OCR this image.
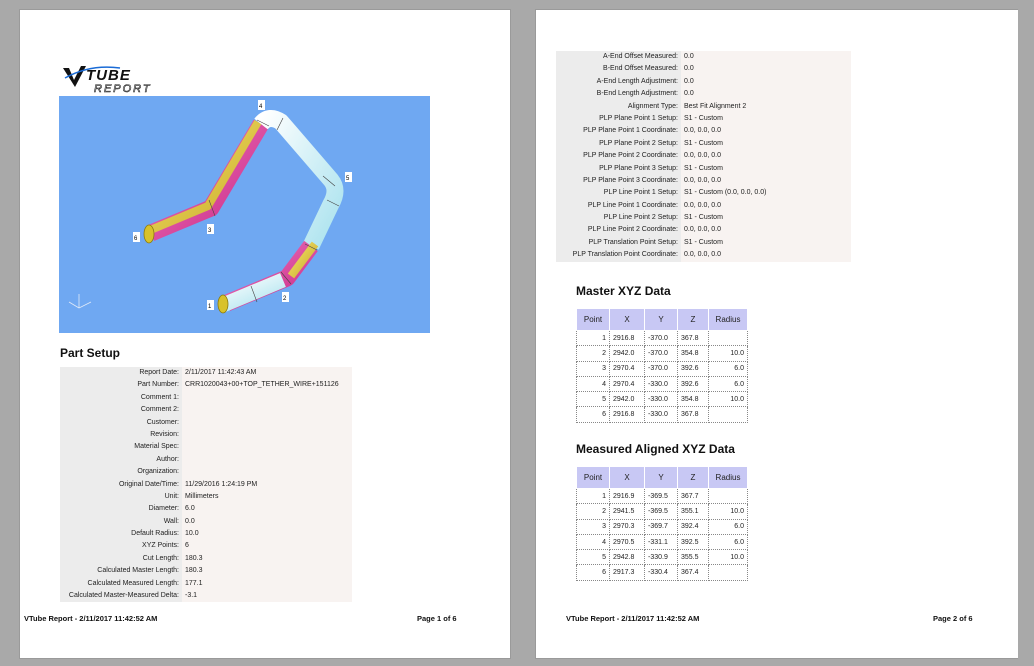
TUBE
REPORT
1
2
3
4
5
6
Part Setup
Report Date: 2/11/2017 11:42:43 AM
Part Number: CRR1020043+00+TOP_TETHER_WIRE+151126
Comment 1:
Comment 2:
Customer:
Revision:
Material Spec:
Author:
Organization:
Original Date/Time: 11/29/2016 1:24:19 PM
Unit: Millimeters
Diameter: 6.0
Wall: 0.0
Default Radius: 10.0
XYZ Points: 6
Cut Length: 180.3
Calculated Master Length: 180.3
Calculated Measured Length: 177.1
Calculated Master-Measured Delta: -3.1
VTube Report - 2/11/2017 11:42:52 AM	Page 1 of 6
A-End Offset Measured: 0.0
B-End Offset Measured: 0.0
A-End Length Adjustment: 0.0
B-End Length Adjustment: 0.0
Alignment Type: Best Fit Alignment 2
PLP Plane Point 1 Setup: S1 - Custom
PLP Plane Point 1 Coordinate: 0.0, 0.0, 0.0
PLP Plane Point 2 Setup: S1 - Custom
PLP Plane Point 2 Coordinate: 0.0, 0.0, 0.0
PLP Plane Point 3 Setup: S1 - Custom
PLP Plane Point 3 Coordinate: 0.0, 0.0, 0.0
PLP Line Point 1 Setup: S1 - Custom (0.0, 0.0, 0.0)
PLP Line Point 1 Coordinate: 0.0, 0.0, 0.0
PLP Line Point 2 Setup: S1 - Custom
PLP Line Point 2 Coordinate: 0.0, 0.0, 0.0
PLP Translation Point Setup: S1 - Custom
PLP Translation Point Coordinate: 0.0, 0.0, 0.0
Master XYZ Data
Point	X	Y	Z	Radius
1	2916.8	-370.0	367.8	
2	2942.0	-370.0	354.8	10.0
3	2970.4	-370.0	392.6	6.0
4	2970.4	-330.0	392.6	6.0
5	2942.0	-330.0	354.8	10.0
6	2916.8	-330.0	367.8	
Measured Aligned XYZ Data
Point	X	Y	Z	Radius
1	2916.9	-369.5	367.7	
2	2941.5	-369.5	355.1	10.0
3	2970.3	-369.7	392.4	6.0
4	2970.5	-331.1	392.5	6.0
5	2942.8	-330.9	355.5	10.0
6	2917.3	-330.4	367.4	
VTube Report - 2/11/2017 11:42:52 AM	Page 2 of 6
